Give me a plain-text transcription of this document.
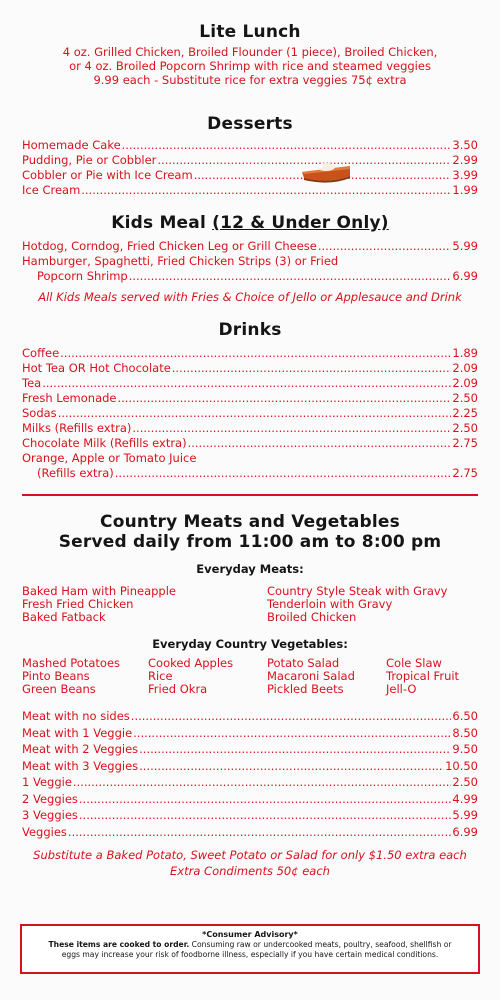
Lite Lunch
4 oz. Grilled Chicken, Broiled Flounder (1 piece), Broiled Chicken,
or 4 oz. Broiled Popcorn Shrimp with rice and steamed veggies
9.99 each - Substitute rice for extra veggies 75¢ extra
Desserts
Homemade Cake .....	3.50
Pudding, Pie or Cobbler .....	2.99
Cobbler or Pie with Ice Cream .....	3.99
Ice Cream .....	1.99
Kids Meal (12 & Under Only)
Hotdog, Corndog, Fried Chicken Leg or Grill Cheese .....	5.99
Hamburger, Spaghetti, Fried Chicken Strips (3) or Fried
Popcorn Shrimp .....	6.99
All Kids Meals served with Fries & Choice of Jello or Applesauce and Drink
Drinks
Coffee .....	1.89
Hot Tea OR Hot Chocolate .....	2.09
Tea .....	2.09
Fresh Lemonade .....	2.50
Sodas .....	2.25
Milks (Refills extra) .....	2.50
Chocolate Milk (Refills extra) .....	2.75
Orange, Apple or Tomato Juice
(Refills extra) .....	2.75
Country Meats and Vegetables
Served daily from 11:00 am to 8:00 pm
Everyday Meats:
Baked Ham with Pineapple
Fresh Fried Chicken
Baked Fatback
Country Style Steak with Gravy
Tenderloin with Gravy
Broiled Chicken
Everyday Country Vegetables:
Mashed Potatoes
Pinto Beans
Green Beans
Cooked Apples
Rice
Fried Okra
Potato Salad
Macaroni Salad
Pickled Beets
Cole Slaw
Tropical Fruit
Jell-O
Meat with no sides .....	6.50
Meat with 1 Veggie .....	8.50
Meat with 2 Veggies .....	9.50
Meat with 3 Veggies .....	10.50
1 Veggie .....	2.50
2 Veggies .....	4.99
3 Veggies .....	5.99
Veggies .....	6.99
Substitute a Baked Potato, Sweet Potato or Salad for only $1.50 extra each
Extra Condiments 50¢ each
*Consumer Advisory*
These items are cooked to order. Consuming raw or undercooked meats, poultry, seafood, shellfish or
eggs may increase your risk of foodborne illness, especially if you have certain medical conditions.
